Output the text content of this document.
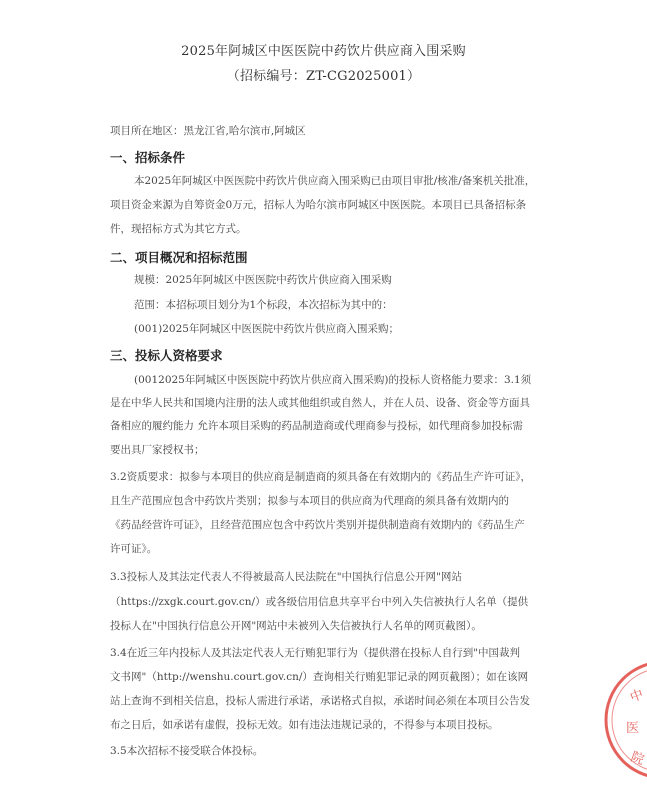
2025年阿城区中医医院中药饮片供应商入围采购
（招标编号：ZT-CG2025001）
项目所在地区：黑龙江省,哈尔滨市,阿城区
一、招标条件
本2025年阿城区中医医院中药饮片供应商入围采购已由项目审批/核准/备案机关批准，
项目资金来源为自筹资金0万元，招标人为哈尔滨市阿城区中医医院。本项目已具备招标条
件，现招标方式为其它方式。
二、项目概况和招标范围
规模：2025年阿城区中医医院中药饮片供应商入围采购
范围：本招标项目划分为1个标段，本次招标为其中的：
(001)2025年阿城区中医医院中药饮片供应商入围采购；
三、投标人资格要求
(0012025年阿城区中医医院中药饮片供应商入围采购)的投标人资格能力要求：3.1须
是在中华人民共和国境内注册的法人或其他组织或自然人，并在人员、设备、资金等方面具
备相应的履约能力 允许本项目采购的药品制造商或代理商参与投标，如代理商参加投标需
要出具厂家授权书；
3.2资质要求：拟参与本项目的供应商是制造商的须具备在有效期内的《药品生产许可证》，
且生产范围应包含中药饮片类别；拟参与本项目的供应商为代理商的须具备有效期内的
《药品经营许可证》，且经营范围应包含中药饮片类别并提供制造商有效期内的《药品生产
许可证》。
3.3投标人及其法定代表人不得被最高人民法院在"中国执行信息公开网"网站
（https://zxgk.court.gov.cn/）或各级信用信息共享平台中列入失信被执行人名单（提供
投标人在"中国执行信息公开网"网站中未被列入失信被执行人名单的网页截图）。
3.4在近三年内投标人及其法定代表人无行贿犯罪行为（提供潜在投标人自行到"中国裁判
文书网"（http://wenshu.court.gov.cn/）查询相关行贿犯罪记录的网页截图）；如在该网
站上查询不到相关信息，投标人需进行承诺，承诺格式自拟，承诺时间必须在本项目公告发
布之日后，如承诺有虚假，投标无效。如有违法违规记录的，不得参与本项目投标。
3.5本次招标不接受联合体投标。
中
医
院
